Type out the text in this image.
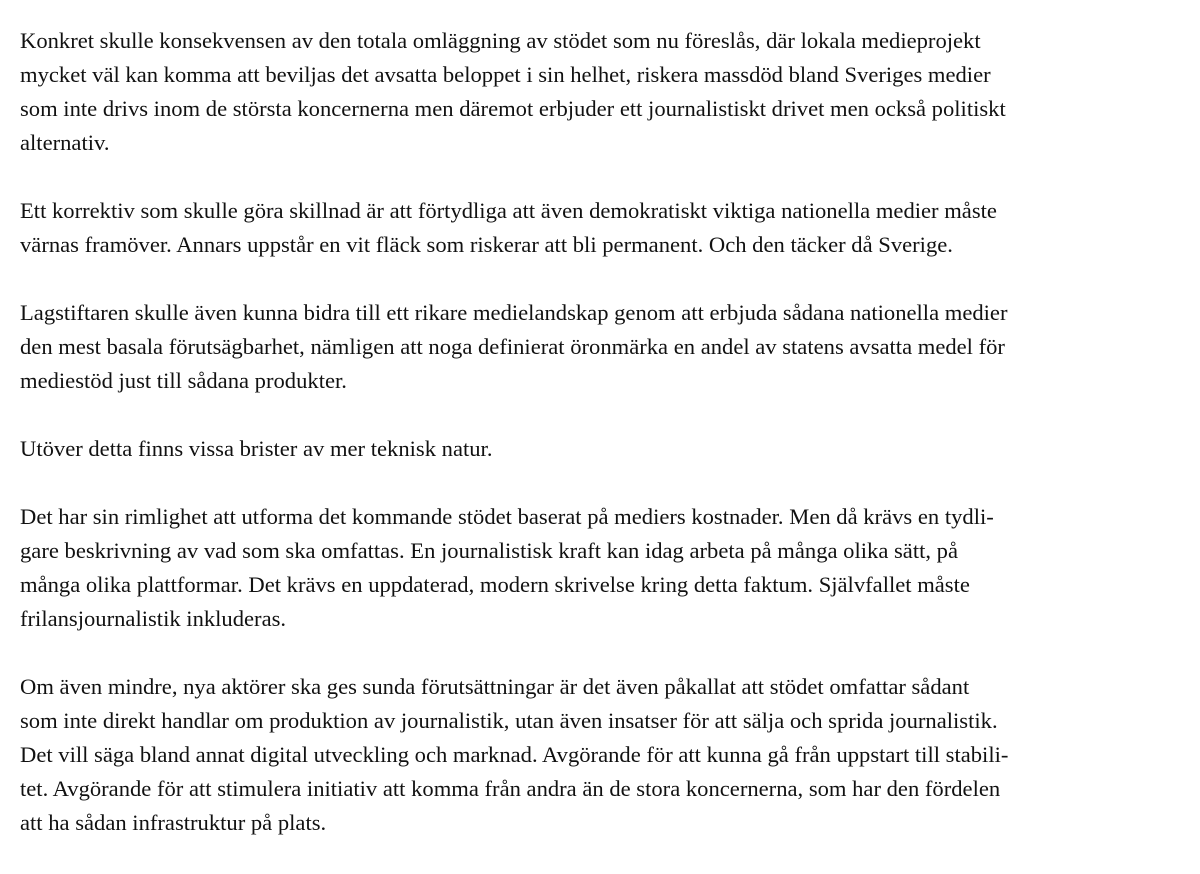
Konkret skulle konsekvensen av den totala omläggning av stödet som nu föreslås, där lokala medieprojekt
mycket väl kan komma att beviljas det avsatta beloppet i sin helhet, riskera massdöd bland Sveriges medier
som inte drivs inom de största koncernerna men däremot erbjuder ett journalistiskt drivet men också politiskt
alternativ.

Ett korrektiv som skulle göra skillnad är att förtydliga att även demokratiskt viktiga nationella medier måste
värnas framöver. Annars uppstår en vit fläck som riskerar att bli permanent. Och den täcker då Sverige.

Lagstiftaren skulle även kunna bidra till ett rikare medielandskap genom att erbjuda sådana nationella medier
den mest basala förutsägbarhet, nämligen att noga definierat öronmärka en andel av statens avsatta medel för
mediestöd just till sådana produkter.

Utöver detta finns vissa brister av mer teknisk natur.

Det har sin rimlighet att utforma det kommande stödet baserat på mediers kostnader. Men då krävs en tydli-
gare beskrivning av vad som ska omfattas. En journalistisk kraft kan idag arbeta på många olika sätt, på
många olika plattformar. Det krävs en uppdaterad, modern skrivelse kring detta faktum. Självfallet måste
frilansjournalistik inkluderas.

Om även mindre, nya aktörer ska ges sunda förutsättningar är det även påkallat att stödet omfattar sådant
som inte direkt handlar om produktion av journalistik, utan även insatser för att sälja och sprida journalistik.
Det vill säga bland annat digital utveckling och marknad. Avgörande för att kunna gå från uppstart till stabili-
tet. Avgörande för att stimulera initiativ att komma från andra än de stora koncernerna, som har den fördelen
att ha sådan infrastruktur på plats.
